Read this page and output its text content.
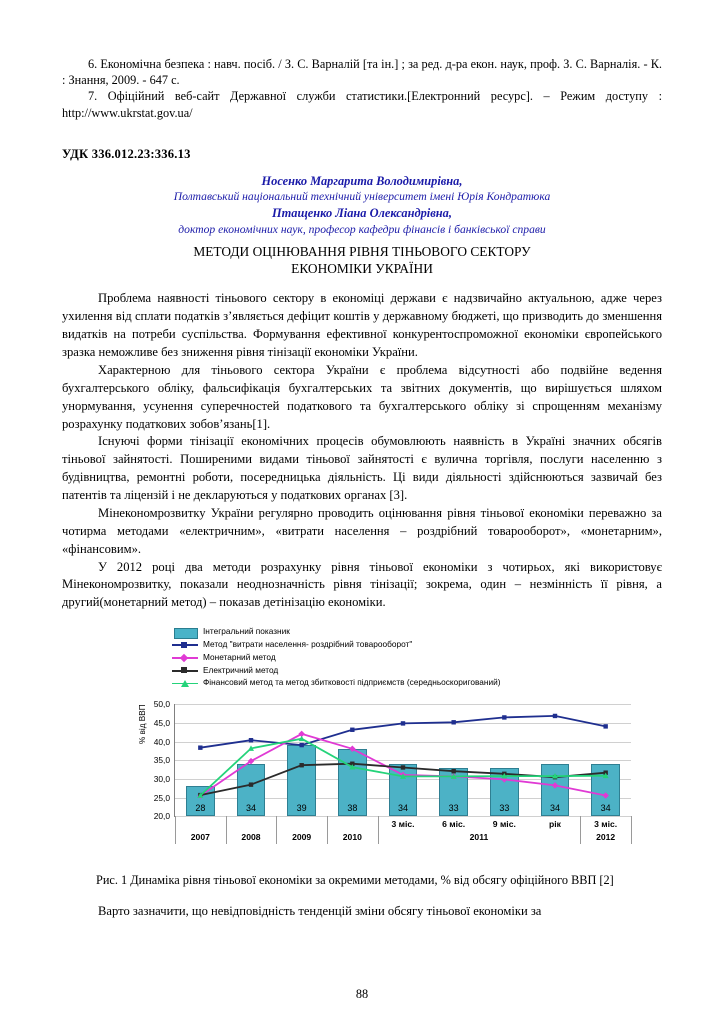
6. Економічна безпека : навч. посіб. / З. С. Варналій [та ін.] ; за ред. д-ра екон. наук, проф. З. С. Варналія. - К. : Знання, 2009. - 647 с.

7. Офіційний веб-сайт Державної служби статистики.[Електронний ресурс]. – Режим доступу : http://www.ukrstat.gov.ua/

УДК 336.012.23:336.13
Носенко Маргарита Володимирівна,
Полтавський національний технічний університет імені Юрія Кондратюка
Птащенко Ліана Олександрівна,
доктор економічних наук, професор кафедри фінансів і банківської справи
МЕТОДИ ОЦІНЮВАННЯ РІВНЯ ТІНЬОВОГО СЕКТОРУ
ЕКОНОМІКИ УКРАЇНИ

Проблема наявності тіньового сектору в економіці держави є надзвичайно актуальною, адже через ухилення від сплати податків з’являється дефіцит коштів у державному бюджеті, що призводить до зменшення видатків на потреби суспільства. Формування ефективної конкурентоспроможної економіки європейського зразка неможливе без зниження рівня тінізації економіки України.

Характерною для тіньового сектора України є проблема відсутності або подвійне ведення бухгалтерського обліку, фальсифікація бухгалтерських та звітних документів, що вирішується шляхом унормування, усунення суперечностей податкового та бухгалтерського обліку зі спрощенням механізму розрахунку податкових зобов’язань[1].

Існуючі форми тінізації економічних процесів обумовлюють наявність в Україні значних обсягів тіньової зайнятості. Поширеними видами тіньової зайнятості є вулична торгівля, послуги населенню з будівництва, ремонтні роботи, посередницька діяльність. Ці види діяльності здійснюються зазвичай без патентів та ліцензій і не декларуються у податкових органах [3].

Мінекономрозвитку України регулярно проводить оцінювання рівня тіньової економіки переважно за чотирма методами «електричним», «витрати населення – роздрібний товарооборот», «монетарним», «фінансовим».

У 2012 році два методи розрахунку рівня тіньової економіки з чотирьох, які використовує Мінекономрозвитку, показали неоднозначність рівня тінізації; зокрема, один – незмінність її рівня, а другий(монетарний метод) – показав детінізацію економіки.

Інтегральний показник
Метод "витрати населення- роздрібний товарооборот"
Монетарний метод
Електричний метод
Фінансовий метод та метод збитковості підприємств (середньоскоригований)
% від ВВП
20,0
25,0
30,0
35,0
40,0
45,0
50,0
28	34	39	38	34	33	33	34	34
2007	2008	2009	2010
3 міс.	6 міс.	9 міс.	рік	3 міс.
2011	2012

Рис. 1 Динаміка рівня тіньової економіки за окремими методами, % від обсягу офіційного ВВП [2]

Варто зазначити, що невідповідність тенденцій зміни обсягу тіньової економіки за

88
